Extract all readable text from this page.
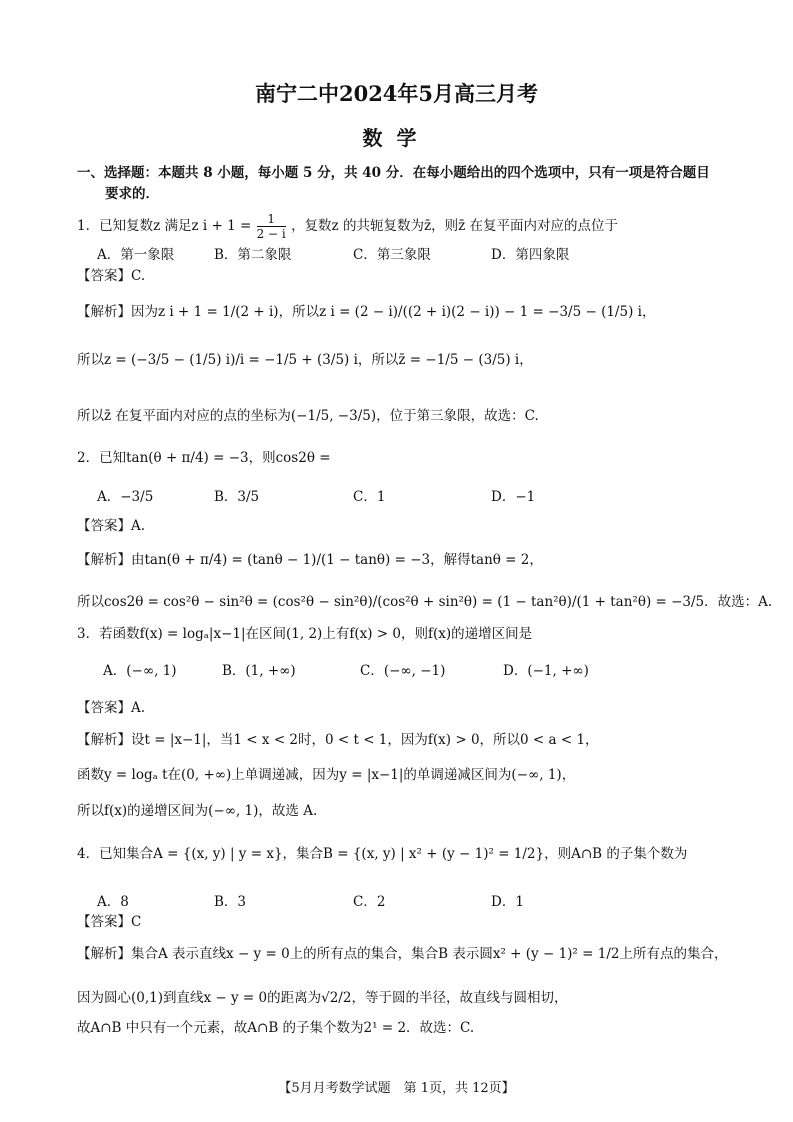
南宁二中2024年5月高三月考
数学
一、选择题：本题共 8 小题，每小题 5 分，共 40 分．在每小题给出的四个选项中，只有一项是符合题目
要求的．
1．已知复数z 满足z $i + 1 = \frac{1}{2 - i}$ ，复数z 的共轭复数为z̄，则z̄ 在复平面内对应的点位于
A．第一象限	B．第二象限	C．第三象限	D．第四象限
【答案】C.
【解析】因为z i + 1 = 1/(2 + i)，所以z i = (2 − i)/((2 + i)(2 − i)) − 1 = −3/5 − (1/5) i，
所以z = (−3/5 − (1/5) i)/i = −1/5 + (3/5) i，所以z̄ = −1/5 − (3/5) i，
所以z̄ 在复平面内对应的点的坐标为(−1/5, −3/5)，位于第三象限，故选：C.
2．已知tan(θ + π/4) = −3，则cos2θ =
A．−3/5	B．3/5	C．1	D．−1
【答案】A.
【解析】由tan(θ + π/4) = (tanθ − 1)/(1 − tanθ) = −3，解得tanθ = 2，
所以cos2θ = cos²θ − sin²θ = (cos²θ − sin²θ)/(cos²θ + sin²θ) = (1 − tan²θ)/(1 + tan²θ) = −3/5．故选：A.
3．若函数f(x) = logₐ|x−1|在区间(1, 2)上有f(x) > 0，则f(x)的递增区间是
A．(−∞, 1)	B．(1, +∞)	C．(−∞, −1)	D．(−1, +∞)
【答案】A.
【解析】设t = |x−1|，当1 < x < 2时，0 < t < 1，因为f(x) > 0，所以0 < a < 1，
函数y = logₐ t在(0, +∞)上单调递减，因为y = |x−1|的单调递减区间为(−∞, 1)，
所以f(x)的递增区间为(−∞, 1)，故选 A.
4．已知集合A = {(x, y) | y = x}，集合B = {(x, y) | x² + (y − 1)² = 1/2}，则A∩B 的子集个数为
A．8	B．3	C．2	D．1
【答案】C
【解析】集合A 表示直线x − y = 0上的所有点的集合，集合B 表示圆x² + (y − 1)² = 1/2上所有点的集合，
因为圆心(0,1)到直线x − y = 0的距离为√2/2，等于圆的半径，故直线与圆相切，
故A∩B 中只有一个元素，故A∩B 的子集个数为2¹ = 2．故选：C.
【5月月考数学试题　第 1页，共 12页】
